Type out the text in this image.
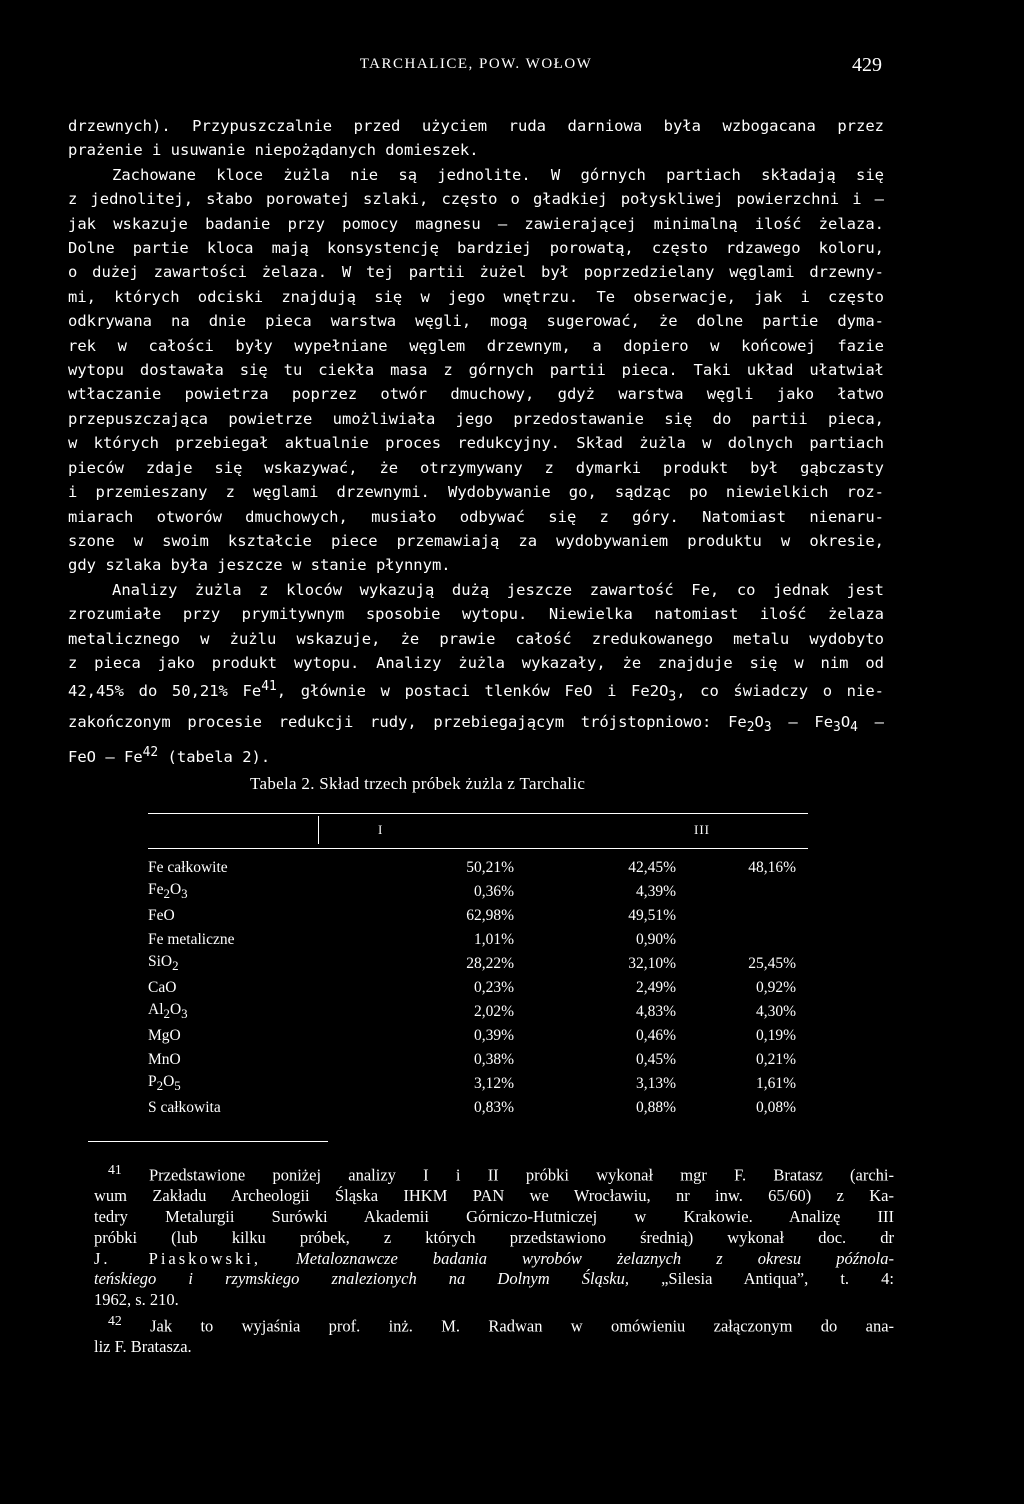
TARCHALICE, POW. WOŁOW	429

drzewnych). Przypuszczalnie przed użyciem ruda darniowa była wzbogacana przez

prażenie i usuwanie niepożądanych domieszek.

Zachowane kloce żużla nie są jednolite. W górnych partiach składają się

z jednolitej, słabo porowatej szlaki, często o gładkiej połyskliwej powierzchni i —

jak wskazuje badanie przy pomocy magnesu — zawierającej minimalną ilość żelaza.

Dolne partie kloca mają konsystencję bardziej porowatą, często rdzawego koloru,

o dużej zawartości żelaza. W tej partii żużel był poprzedzielany węglami drzewny-

mi, których odciski znajdują się w jego wnętrzu. Te obserwacje, jak i często

odkrywana na dnie pieca warstwa węgli, mogą sugerować, że dolne partie dyma-

rek w całości były wypełniane węglem drzewnym, a dopiero w końcowej fazie

wytopu dostawała się tu ciekła masa z górnych partii pieca. Taki układ ułatwiał

wtłaczanie powietrza poprzez otwór dmuchowy, gdyż warstwa węgli jako łatwo

przepuszczająca powietrze umożliwiała jego przedostawanie się do partii pieca,

w których przebiegał aktualnie proces redukcyjny. Skład żużla w dolnych partiach

pieców zdaje się wskazywać, że otrzymywany z dymarki produkt był gąbczasty

i przemieszany z węglami drzewnymi. Wydobywanie go, sądząc po niewielkich roz-

miarach otworów dmuchowych, musiało odbywać się z góry. Natomiast nienaru-

szone w swoim kształcie piece przemawiają za wydobywaniem produktu w okresie,

gdy szlaka była jeszcze w stanie płynnym.

Analizy żużla z kloców wykazują dużą jeszcze zawartość Fe, co jednak jest

zrozumiałe przy prymitywnym sposobie wytopu. Niewielka natomiast ilość żelaza

metalicznego w żużlu wskazuje, że prawie całość zredukowanego metalu wydobyto

z pieca jako produkt wytopu. Analizy żużla wykazały, że znajduje się w nim od

42,45% do 50,21% Fe$^{41}$, głównie w postaci tlenków FeO i $Fe2O_3$, co świadczy o nie-

zakończonym procesie redukcji rudy, przebiegającym trójstopniowo: $Fe_2O_3$ — $Fe_3O_4$ —

FeO — Fe$^{42}$ (tabela 2).

Tabela 2. Skład trzech próbek żużla z Tarchalic
I	III
Fe całkowite	50,21%	42,45%	48,16%
$Fe_2O_3$	0,36%	4,39%	
FeO	62,98%	49,51%	
Fe metaliczne	1,01%	0,90%	
SiO$_2$	28,22%	32,10%	25,45%
CaO	0,23%	2,49%	0,92%
$Al_2O_3$	2,02%	4,83%	4,30%
MgO	0,39%	0,46%	0,19%
MnO	0,38%	0,45%	0,21%
$P_2O_5$	3,12%	3,13%	1,61%
S całkowita	0,83%	0,88%	0,08%

$^{41}$ Przedstawione poniżej analizy I i II próbki wykonał mgr F. Bratasz (archi-

wum Zakładu Archeologii Śląska IHKM PAN we Wrocławiu, nr inw. 65/60) z Ka-

tedry Metalurgii Surówki Akademii Górniczo-Hutniczej w Krakowie. Analizę III

próbki (lub kilku próbek, z których przedstawiono średnią) wykonał doc. dr

J. Piaskowski, Metaloznawcze badania wyrobów żelaznych z okresu późnola-

teńskiego i rzymskiego znalezionych na Dolnym Śląsku, „Silesia Antiqua”, t. 4:

1962, s. 210.

$^{42}$ Jak to wyjaśnia prof. inż. M. Radwan w omówieniu załączonym do ana-

liz F. Bratasza.
